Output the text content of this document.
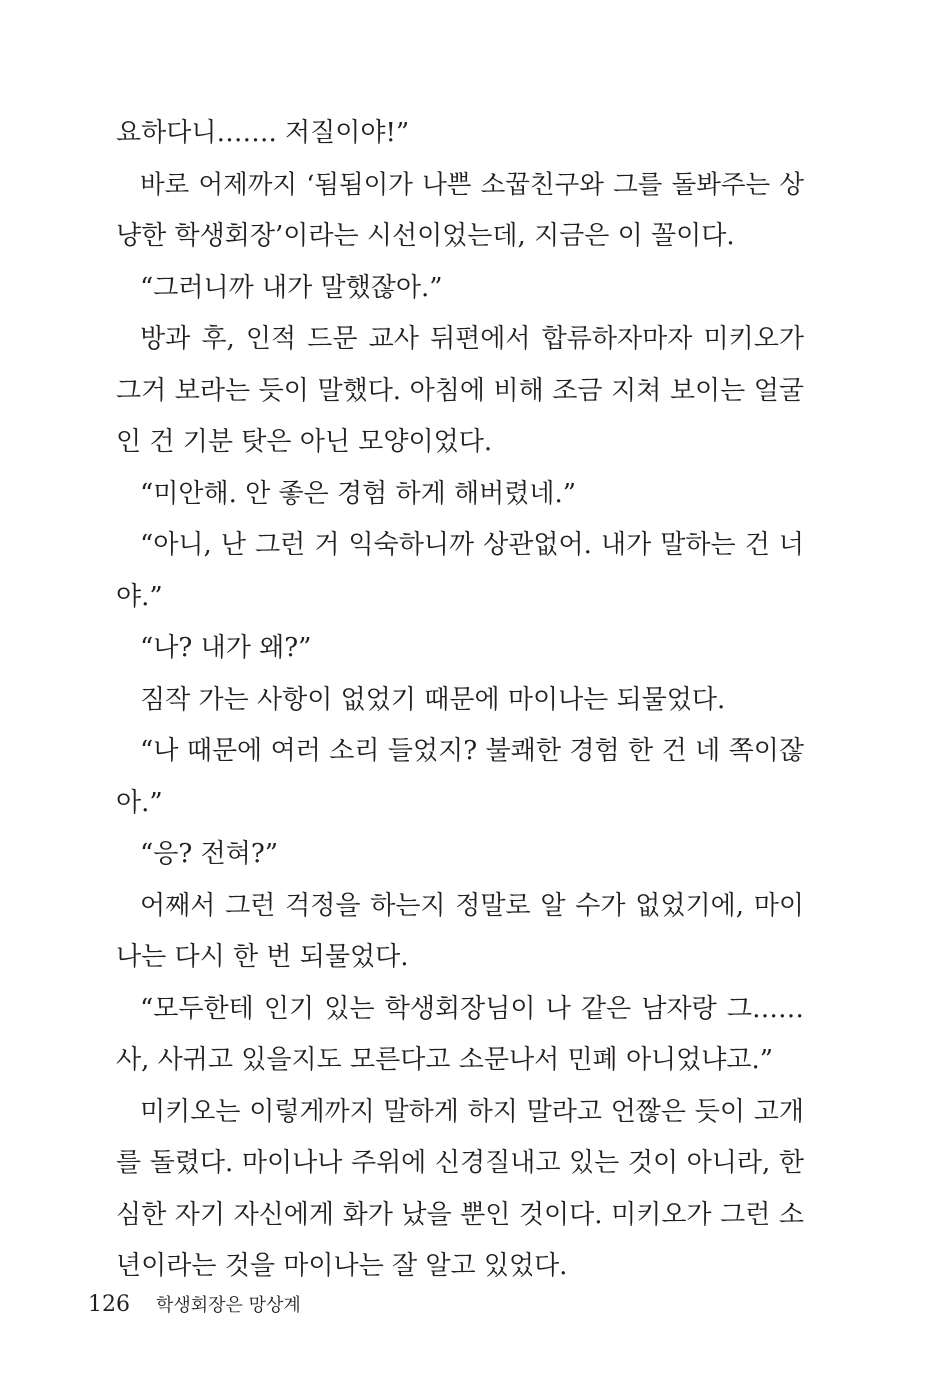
요하다니……. 저질이야!”
바로 어제까지 ‘됨됨이가 나쁜 소꿉친구와 그를 돌봐주는 상
냥한 학생회장’이라는 시선이었는데, 지금은 이 꼴이다.
“그러니까 내가 말했잖아.”
방과 후, 인적 드문 교사 뒤편에서 합류하자마자 미키오가
그거 보라는 듯이 말했다. 아침에 비해 조금 지쳐 보이는 얼굴
인 건 기분 탓은 아닌 모양이었다.
“미안해. 안 좋은 경험 하게 해버렸네.”
“아니, 난 그런 거 익숙하니까 상관없어. 내가 말하는 건 너
야.”
“나? 내가 왜?”
짐작 가는 사항이 없었기 때문에 마이나는 되물었다.
“나 때문에 여러 소리 들었지? 불쾌한 경험 한 건 네 쪽이잖
아.”
“응? 전혀?”
어째서 그런 걱정을 하는지 정말로 알 수가 없었기에, 마이
나는 다시 한 번 되물었다.
“모두한테 인기 있는 학생회장님이 나 같은 남자랑 그……
사, 사귀고 있을지도 모른다고 소문나서 민폐 아니었냐고.”
미키오는 이렇게까지 말하게 하지 말라고 언짢은 듯이 고개
를 돌렸다. 마이나나 주위에 신경질내고 있는 것이 아니라, 한
심한 자기 자신에게 화가 났을 뿐인 것이다. 미키오가 그런 소
년이라는 것을 마이나는 잘 알고 있었다.
126 학생회장은 망상계
